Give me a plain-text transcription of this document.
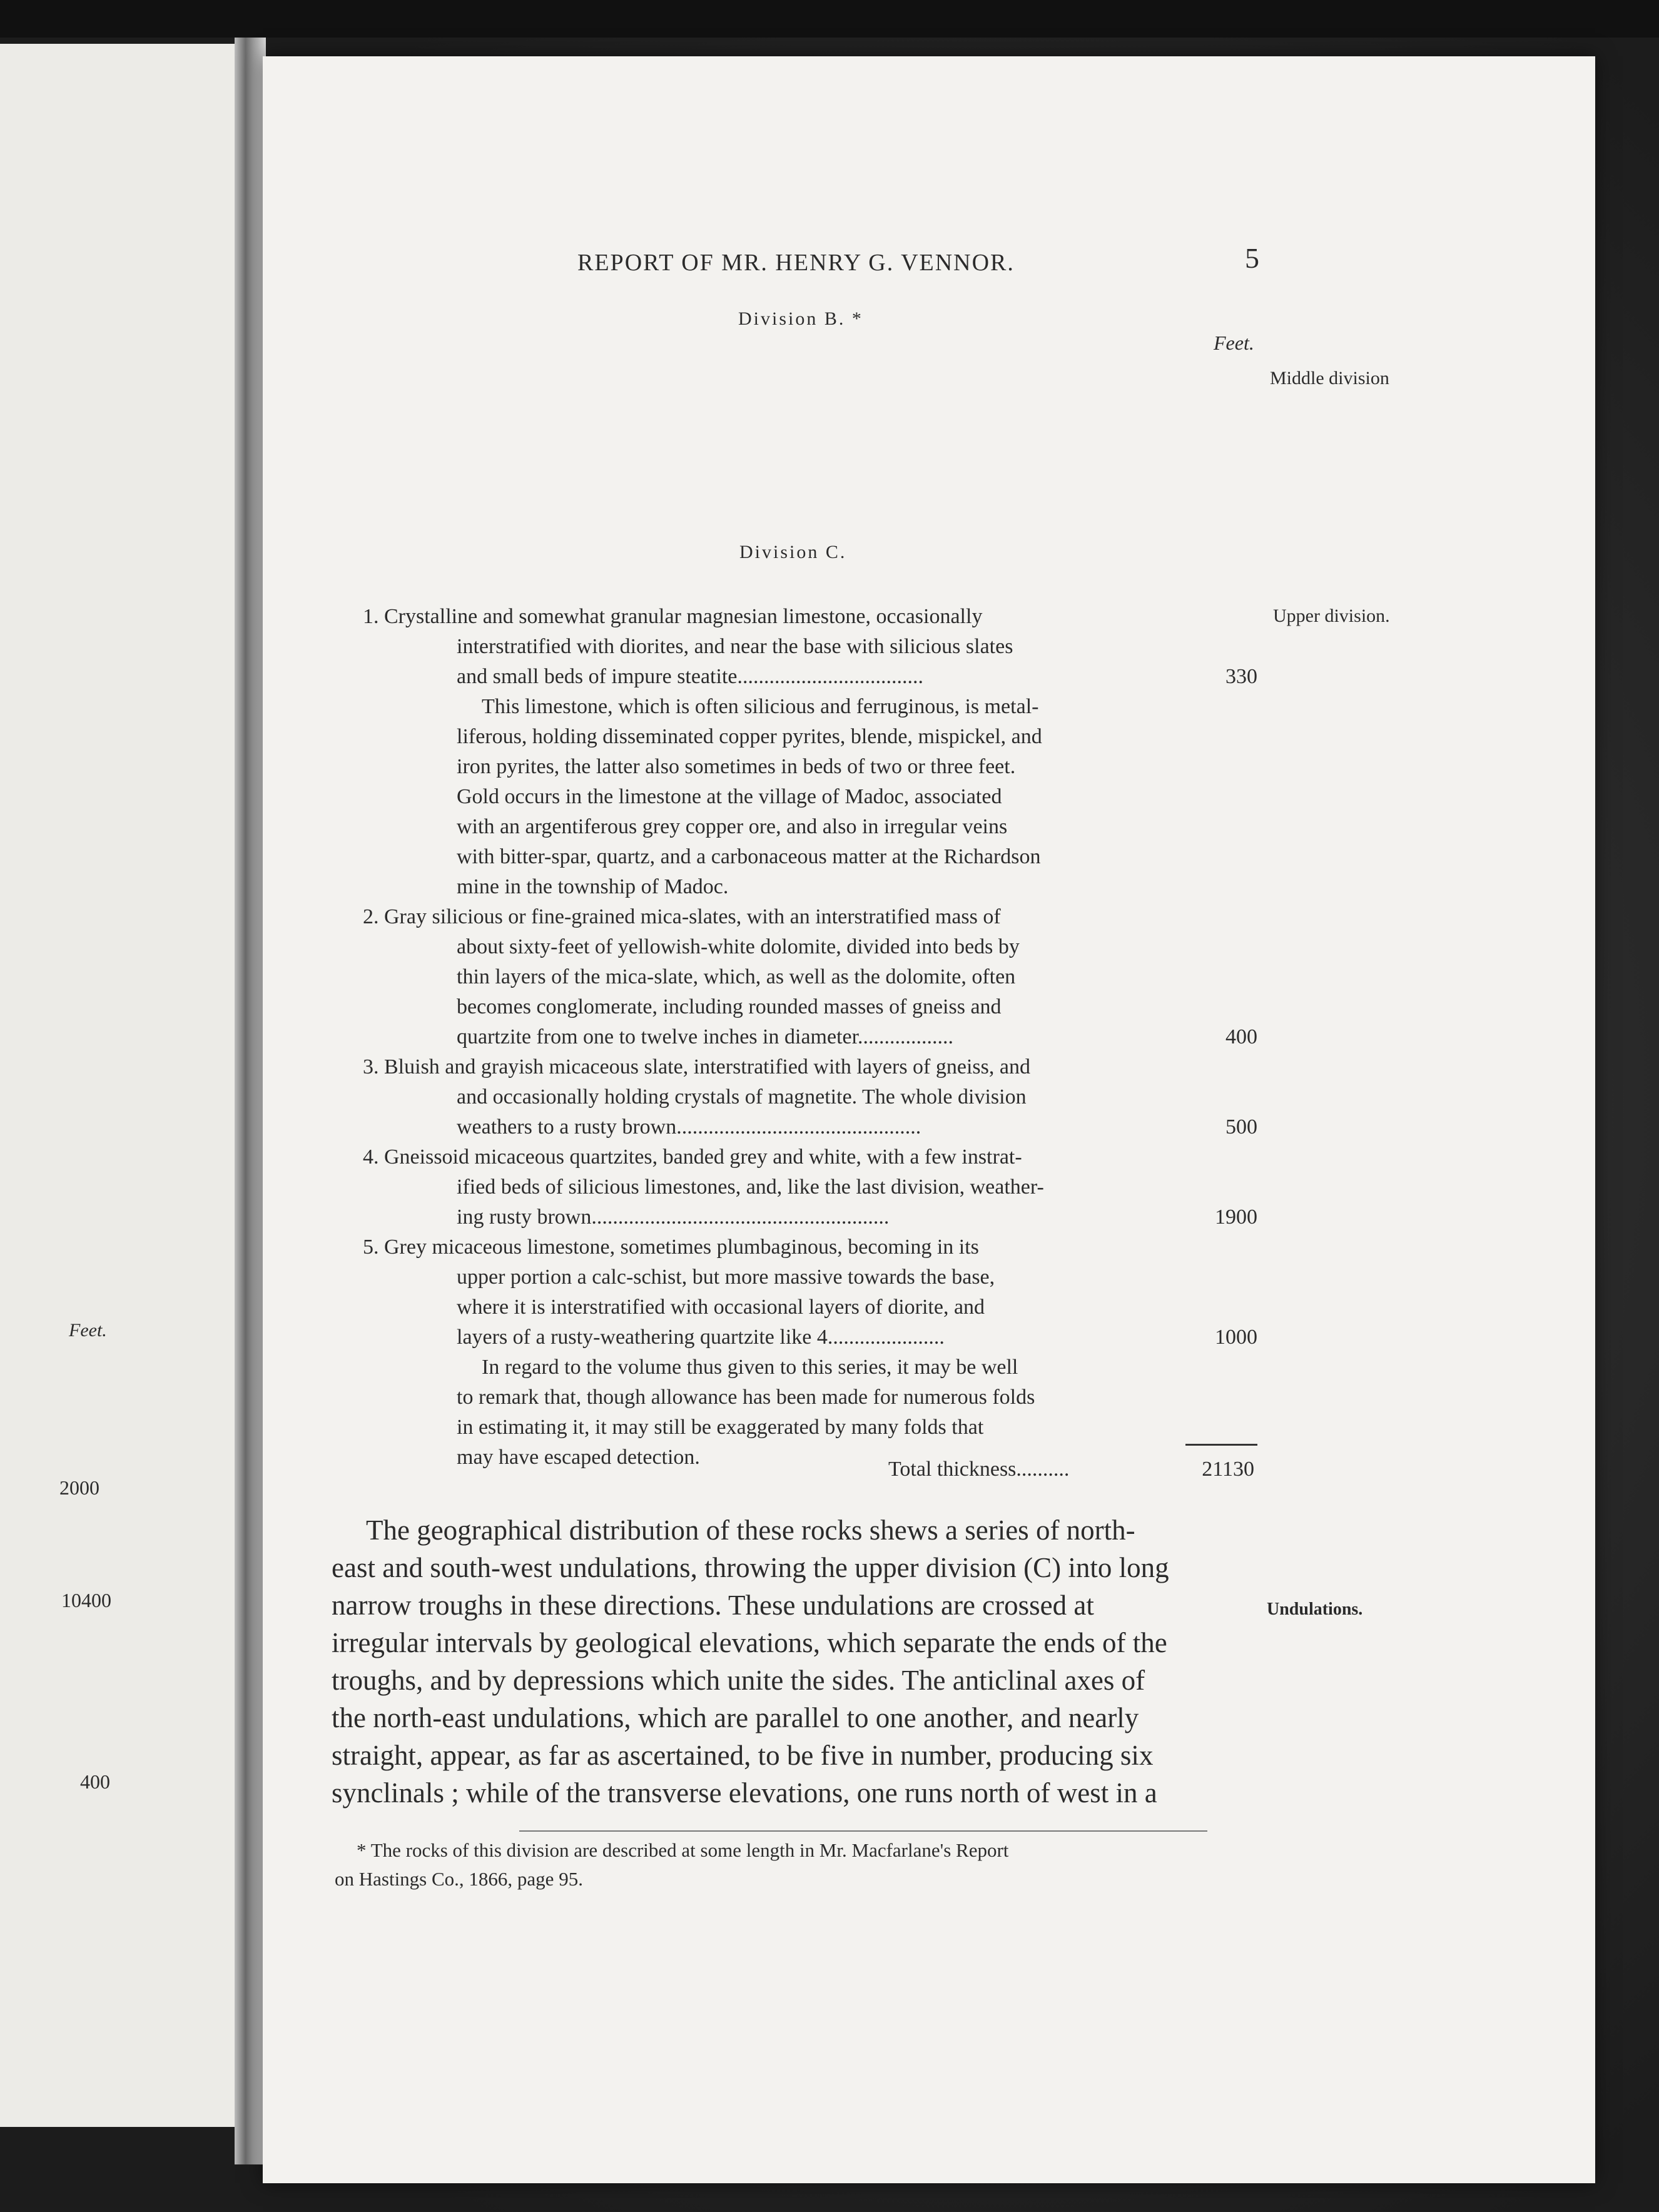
Feet.
2000
10400
400
REPORT OF MR. HENRY G. VENNOR.	5
Division B. *
Feet.
Middle division
Division C.
Upper division.
1. Crystalline and somewhat granular magnesian limestone, occasionally
interstratified with diorites, and near the base with silicious slates
and small beds of impure steatite...................................	330
This limestone, which is often silicious and ferruginous, is metal-
liferous, holding disseminated copper pyrites, blende, mispickel, and
iron pyrites, the latter also sometimes in beds of two or three feet.
Gold occurs in the limestone at the village of Madoc, associated
with an argentiferous grey copper ore, and also in irregular veins
with bitter-spar, quartz, and a carbonaceous matter at the Richardson
mine in the township of Madoc.
2. Gray silicious or fine-grained mica-slates, with an interstratified mass of
about sixty-feet of yellowish-white dolomite, divided into beds by
thin layers of the mica-slate, which, as well as the dolomite, often
becomes conglomerate, including rounded masses of gneiss and
quartzite from one to twelve inches in diameter..................	400
3. Bluish and grayish micaceous slate, interstratified with layers of gneiss, and
and occasionally holding crystals of magnetite. The whole division
weathers to a rusty brown..............................................	500
4. Gneissoid micaceous quartzites, banded grey and white, with a few instrat-
ified beds of silicious limestones, and, like the last division, weather-
ing rusty brown........................................................	1900
5. Grey micaceous limestone, sometimes plumbaginous, becoming in its
upper portion a calc-schist, but more massive towards the base,
where it is interstratified with occasional layers of diorite, and
layers of a rusty-weathering quartzite like 4......................	1000
In regard to the volume thus given to this series, it may be well
to remark that, though allowance has been made for numerous folds
in estimating it, it may still be exaggerated by many folds that
may have escaped detection.
Total thickness..........	21130
The geographical distribution of these rocks shews a series of north-
east and south-west undulations, throwing the upper division (C) into long
narrow troughs in these directions. These undulations are crossed at
irregular intervals by geological elevations, which separate the ends of the
troughs, and by depressions which unite the sides. The anticlinal axes of
the north-east undulations, which are parallel to one another, and nearly
straight, appear, as far as ascertained, to be five in number, producing six
synclinals ; while of the transverse elevations, one runs north of west in a
Undulations.
* The rocks of this division are described at some length in Mr. Macfarlane's Report
on Hastings Co., 1866, page 95.
